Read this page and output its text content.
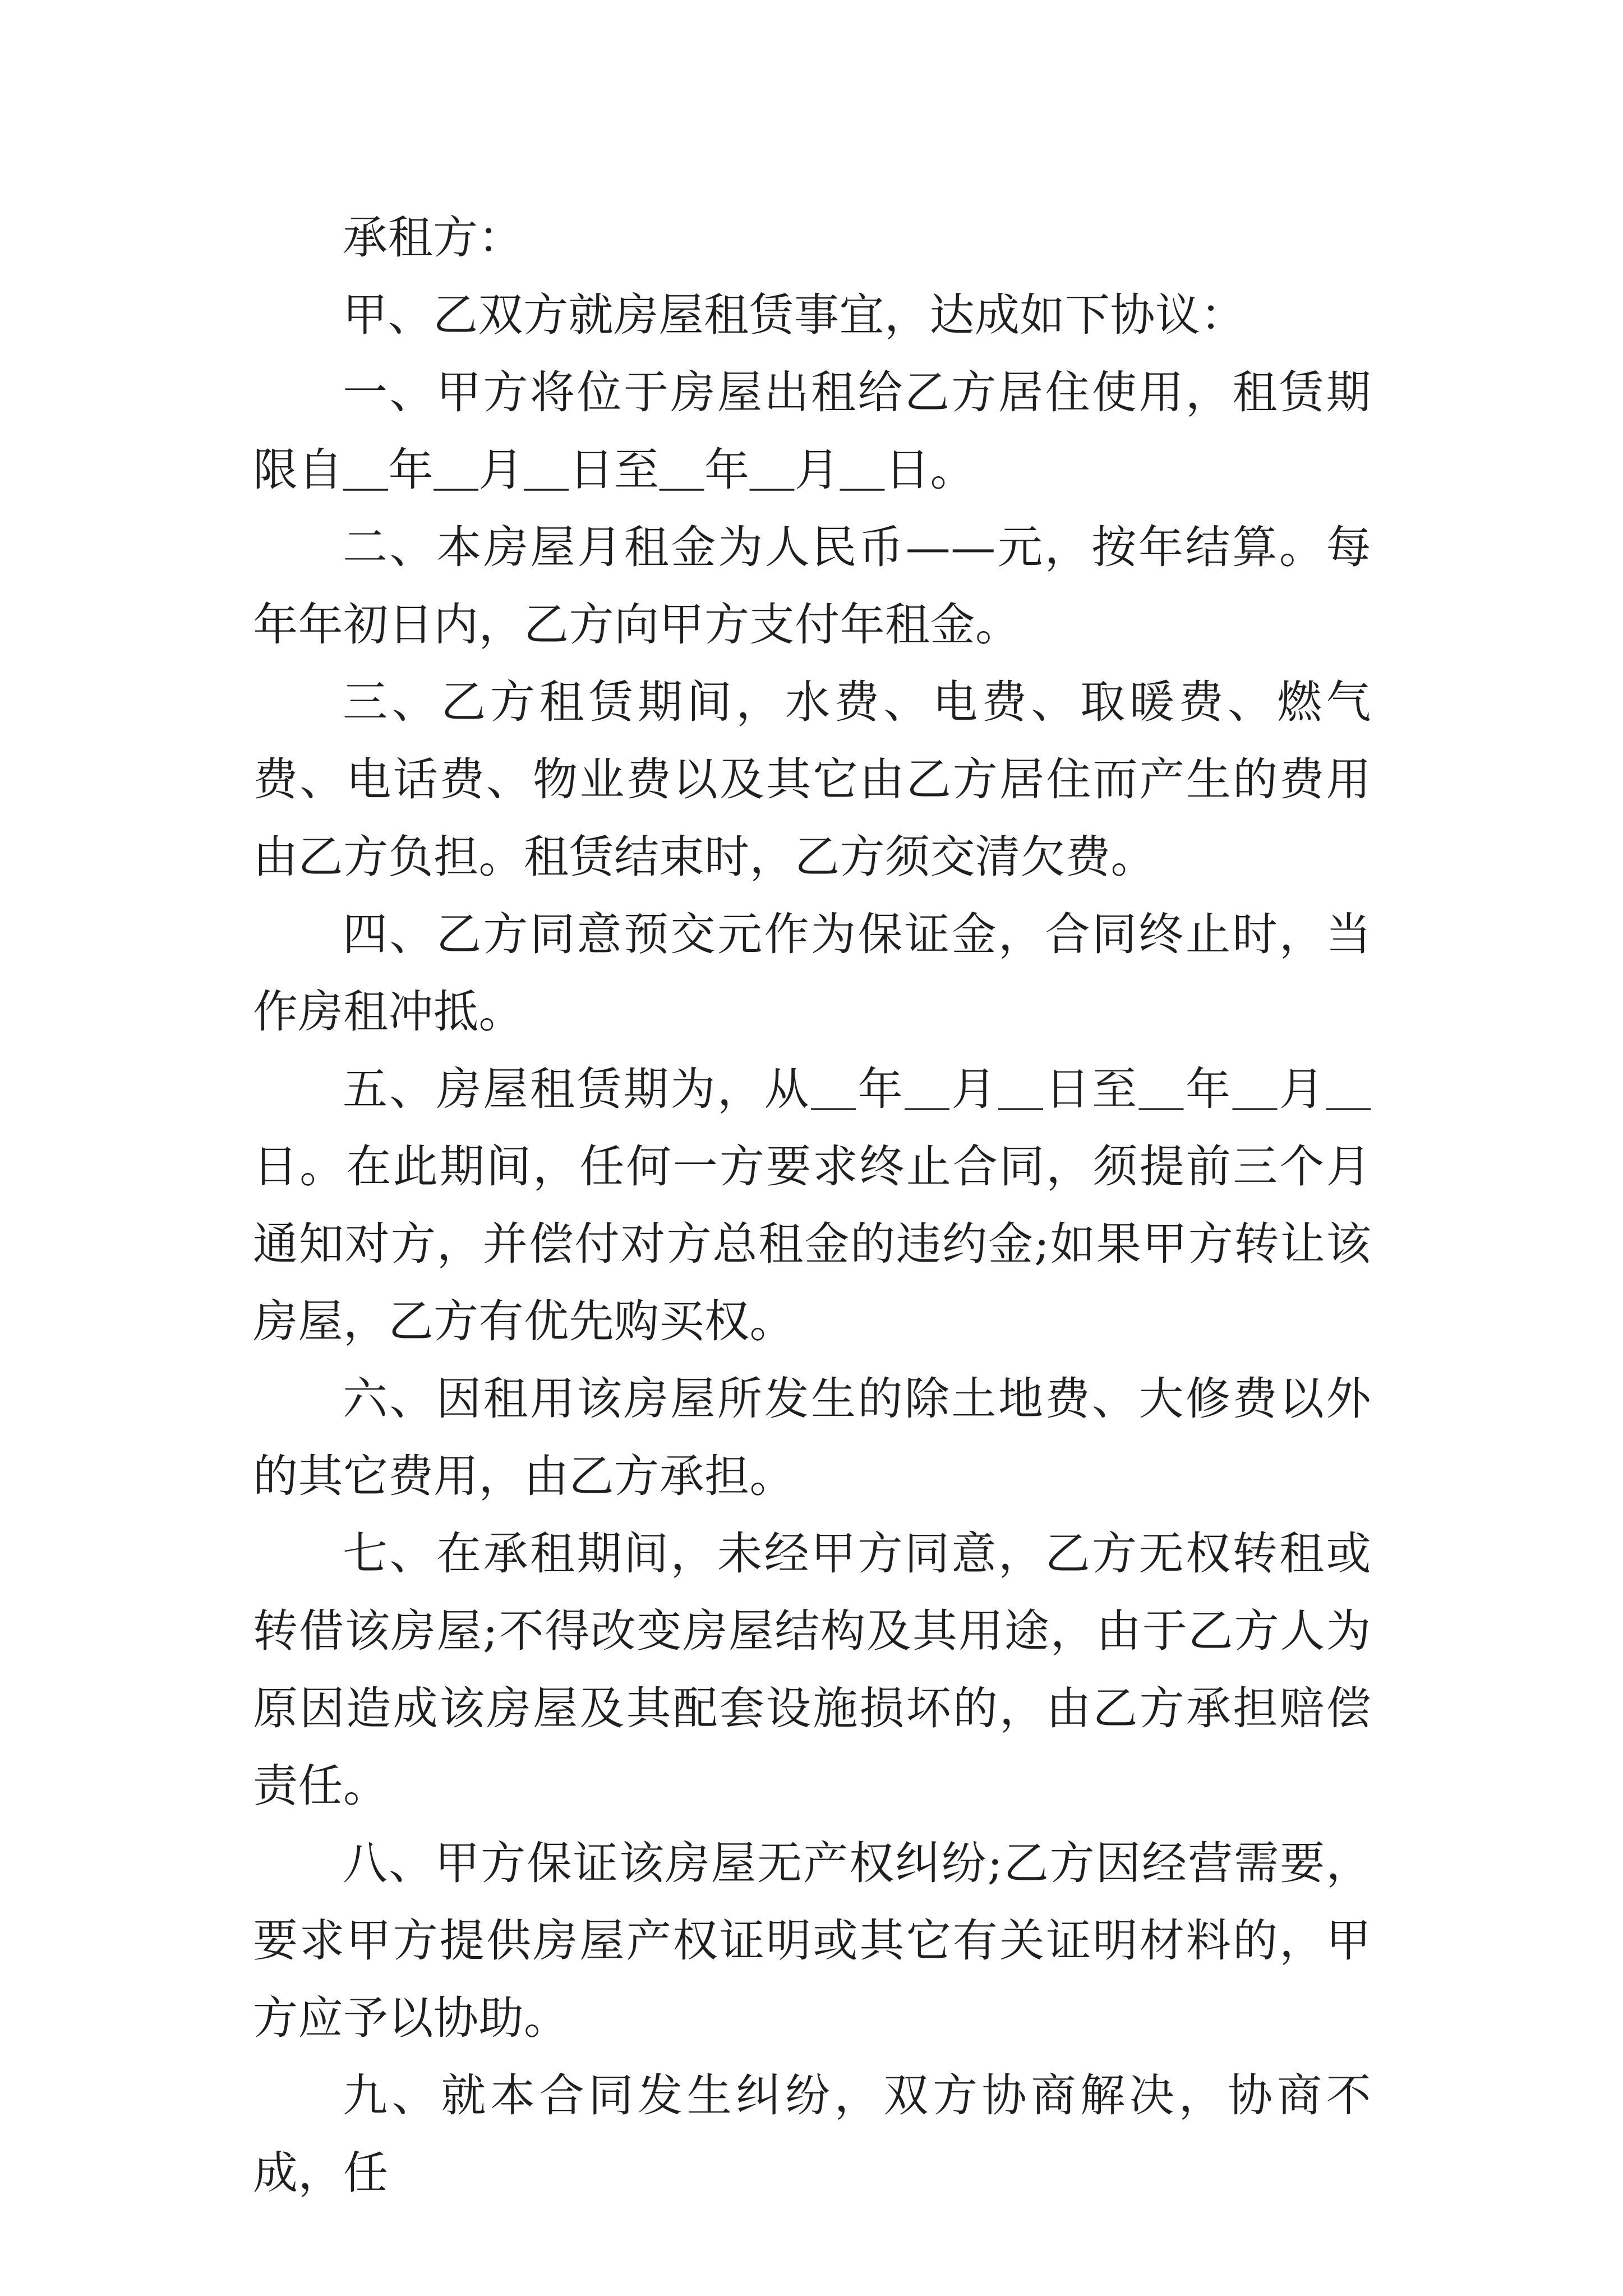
承租方：

甲、乙双方就房屋租赁事宜，达成如下协议：

一、甲方将位于房屋出租给乙方居住使用，租赁期限自＿年＿月＿日至＿年＿月＿日。

二、本房屋月租金为人民币——元，按年结算。每年年初日内，乙方向甲方支付年租金。

三、乙方租赁期间，水费、电费、取暖费、燃气费、电话费、物业费以及其它由乙方居住而产生的费用由乙方负担。租赁结束时，乙方须交清欠费。

四、乙方同意预交元作为保证金，合同终止时，当作房租冲抵。

五、房屋租赁期为，从＿年＿月＿日至＿年＿月＿日。在此期间，任何一方要求终止合同，须提前三个月通知对方，并偿付对方总租金的违约金;如果甲方转让该房屋，乙方有优先购买权。

六、因租用该房屋所发生的除土地费、大修费以外的其它费用，由乙方承担。

七、在承租期间，未经甲方同意，乙方无权转租或转借该房屋;不得改变房屋结构及其用途，由于乙方人为原因造成该房屋及其配套设施损坏的，由乙方承担赔偿责任。

八、甲方保证该房屋无产权纠纷;乙方因经营需要，要求甲方提供房屋产权证明或其它有关证明材料的，甲方应予以协助。

九、就本合同发生纠纷，双方协商解决，协商不成，任
